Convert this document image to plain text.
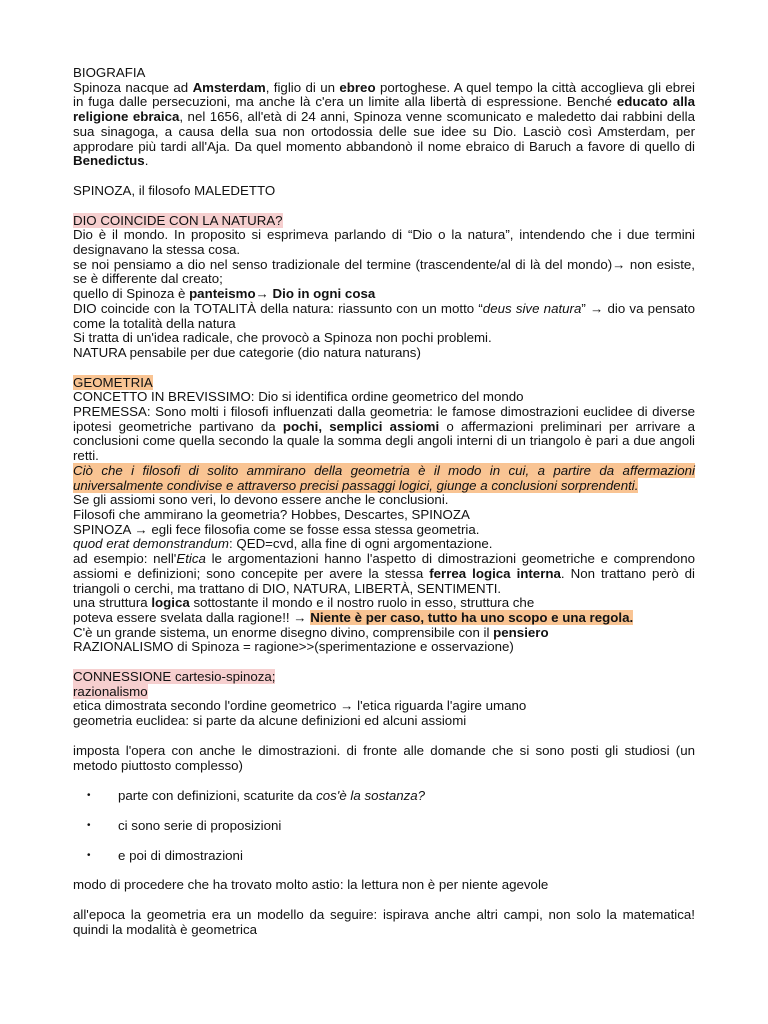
BIOGRAFIA

Spinoza nacque ad Amsterdam, figlio di un ebreo portoghese. A quel tempo la città accoglieva gli ebrei in fuga dalle persecuzioni, ma anche là c'era un limite alla libertà di espressione. Benché educato alla religione ebraica, nel 1656, all'età di 24 anni, Spinoza venne scomunicato e maledetto dai rabbini della sua sinagoga, a causa della sua non ortodossia delle sue idee su Dio. Lasciò così Amsterdam, per approdare più tardi all'Aja. Da quel momento abbandonò il nome ebraico di Baruch a favore di quello di Benedictus.

SPINOZA, il filosofo MALEDETTO

DIO COINCIDE CON LA NATURA?

Dio è il mondo. In proposito si esprimeva parlando di “Dio o la natura”, intendendo che i due termini designavano la stessa cosa.

se noi pensiamo a dio nel senso tradizionale del termine (trascendente/al di là del mondo)→ non esiste, se è differente dal creato;

quello di Spinoza è panteismo→ Dio in ogni cosa

DIO coincide con la TOTALITÀ della natura: riassunto con un motto “deus sive natura” → dio va pensato come la totalità della natura

Si tratta di un'idea radicale, che provocò a Spinoza non pochi problemi.

NATURA pensabile per due categorie (dio natura naturans)

GEOMETRIA

CONCETTO IN BREVISSIMO: Dio si identifica ordine geometrico del mondo

PREMESSA: Sono molti i filosofi influenzati dalla geometria: le famose dimostrazioni euclidee di diverse ipotesi geometriche partivano da pochi, semplici assiomi o affermazioni preliminari per arrivare a conclusioni come quella secondo la quale la somma degli angoli interni di un triangolo è pari a due angoli retti.

Ciò che i filosofi di solito ammirano della geometria è il modo in cui, a partire da affermazioni universalmente condivise e attraverso precisi passaggi logici, giunge a conclusioni sorprendenti.

Se gli assiomi sono veri, lo devono essere anche le conclusioni.

Filosofi che ammirano la geometria? Hobbes, Descartes, SPINOZA

SPINOZA → egli fece filosofia come se fosse essa stessa geometria.

quod erat demonstrandum: QED=cvd, alla fine di ogni argomentazione.

ad esempio: nell'Etica le argomentazioni hanno l'aspetto di dimostrazioni geometriche e comprendono assiomi e definizioni; sono concepite per avere la stessa ferrea logica interna. Non trattano però di triangoli o cerchi, ma trattano di DIO, NATURA, LIBERTÀ, SENTIMENTI.

una struttura logica sottostante il mondo e il nostro ruolo in esso, struttura che

poteva essere svelata dalla ragione!! → Niente è per caso, tutto ha uno scopo e una regola.

C'è un grande sistema, un enorme disegno divino, comprensibile con il pensiero

RAZIONALISMO di Spinoza = ragione>>(sperimentazione e osservazione)

CONNESSIONE cartesio-spinoza;

razionalismo

etica dimostrata secondo l'ordine geometrico → l'etica riguarda l'agire umano

geometria euclidea: si parte da alcune definizioni ed alcuni assiomi

imposta l'opera con anche le dimostrazioni. di fronte alle domande che si sono posti gli studiosi (un metodo piuttosto complesso)

• parte con definizioni, scaturite da cos'è la sostanza?
• ci sono serie di proposizioni
• e poi di dimostrazioni

modo di procedere che ha trovato molto astio: la lettura non è per niente agevole

all'epoca la geometria era un modello da seguire: ispirava anche altri campi, non solo la matematica! quindi la modalità è geometrica
